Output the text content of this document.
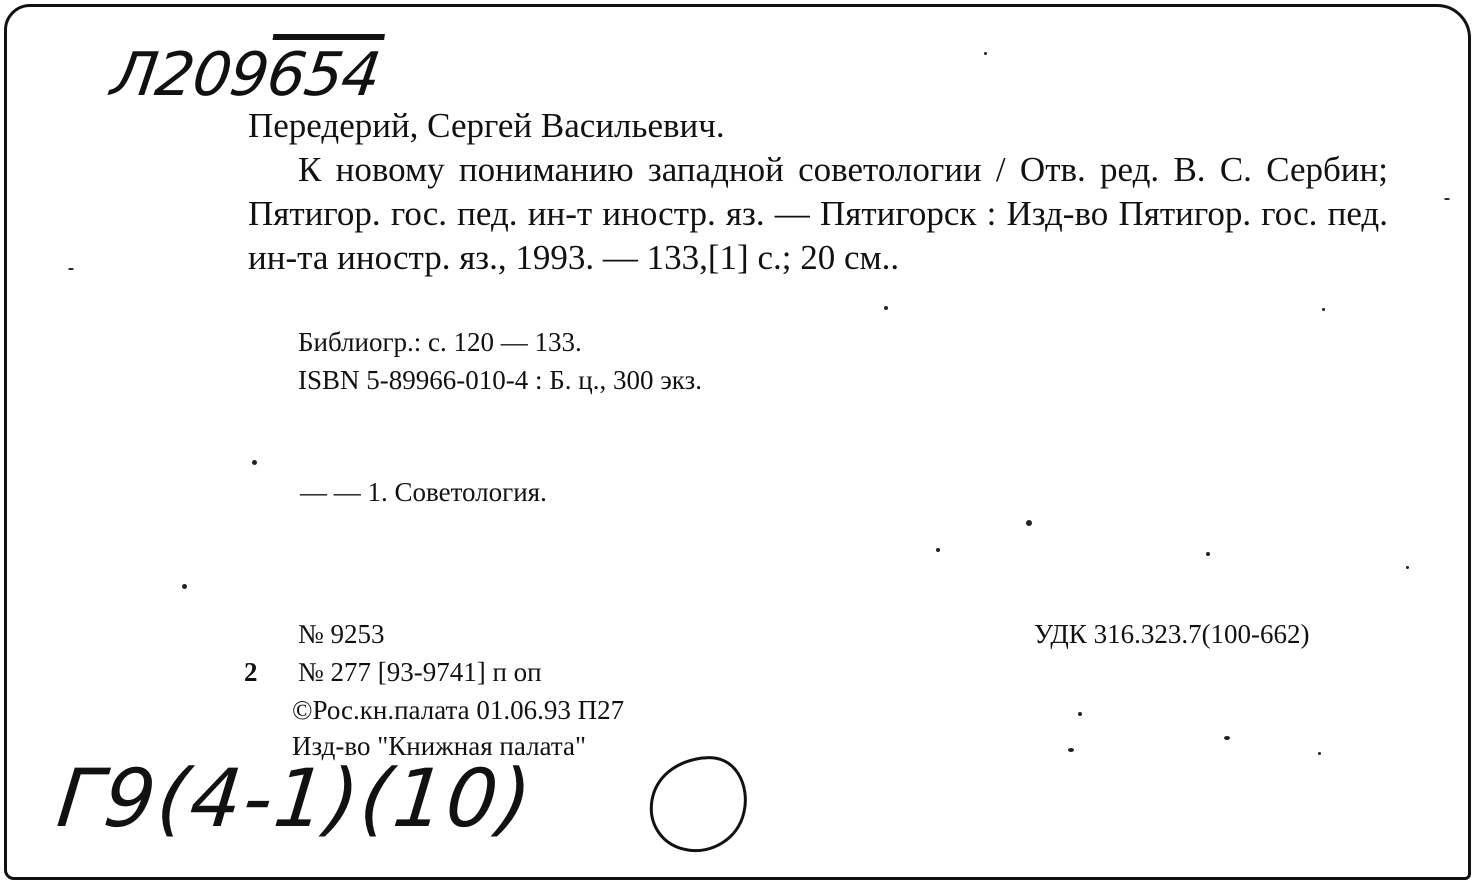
Л209654

Передерий, Сергей Васильевич.

К новому пониманию западной советологии / Отв. ред. В. С. Сербин; Пятигор. гос. пед. ин-т иностр. яз. — Пятигорск : Изд-во Пятигор. гос. пед. ин-та иностр. яз., 1993. — 133,[1] с.; 20 см..

Библиогр.: с. 120 — 133.
ISBN 5-89966-010-4 : Б. ц., 300 экз.
— — 1. Советология.
№ 9253
2 № 277 [93-9741] п оп
©Рос.кн.палата 01.06.93 П27
Изд-во "Книжная палата"
УДК 316.323.7(100-662)
Г9(4-1)(10)
